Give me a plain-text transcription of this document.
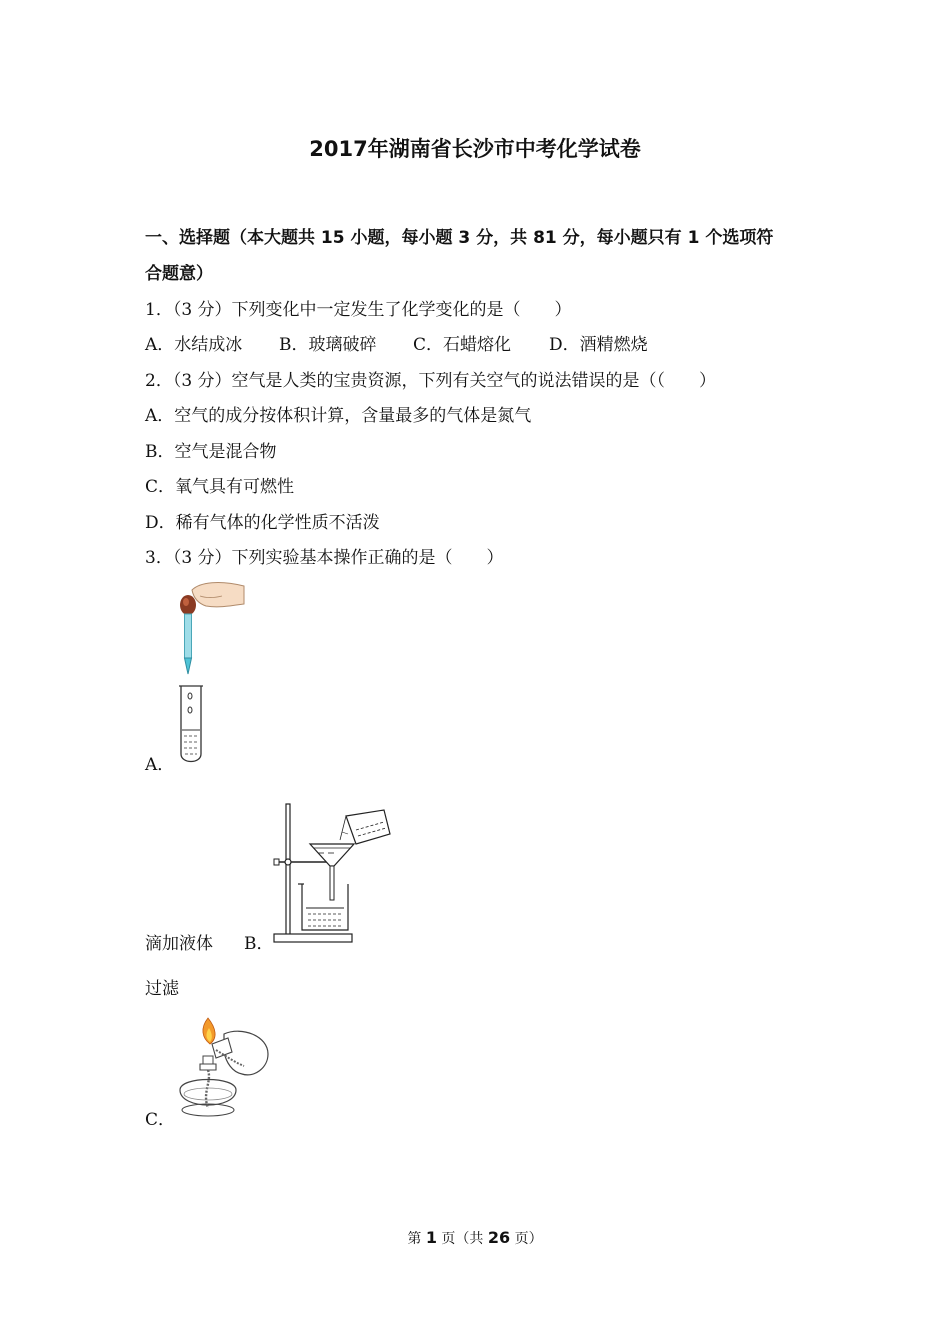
2017年湖南省长沙市中考化学试卷
一、选择题（本大题共 15 小题，每小题 3 分，共 81 分，每小题只有 1 个选项符
合题意）
1．（3 分）下列变化中一定发生了化学变化的是（　　）
A．水结成冰 B．玻璃破碎 C．石蜡熔化 D．酒精燃烧
2．（3 分）空气是人类的宝贵资源，下列有关空气的说法错误的是（（　　）
A．空气的成分按体积计算，含量最多的气体是氮气
B．空气是混合物
C．氧气具有可燃性
D．稀有气体的化学性质不活泼
3．（3 分）下列实验基本操作正确的是（　　）
A．
滴加液体 B．
过滤
C．
第 1 页（共 26 页）
